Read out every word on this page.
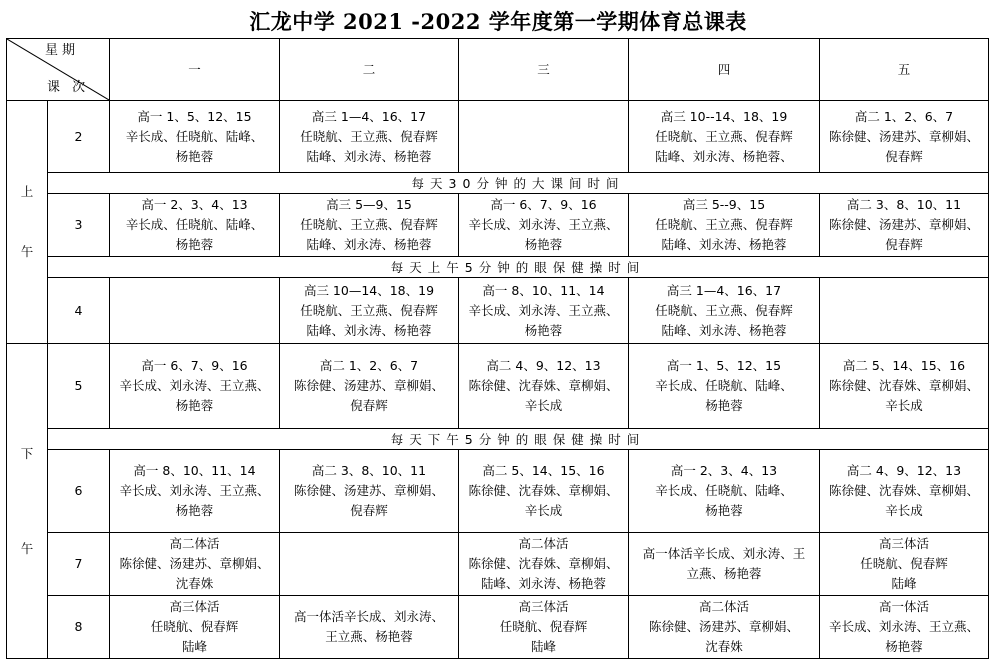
汇龙中学 2021 -2022 学年度第一学期体育总课表
星期
课 次		一	二	三	四	五

上
午	2	高一 1、5、12、15
辛长成、任晓航、陆峰、
杨艳蓉	高三 1—4、16、17
任晓航、王立燕、倪春辉
陆峰、刘永涛、杨艳蓉		高三 10--14、18、19
任晓航、王立燕、倪春辉
陆峰、刘永涛、杨艳蓉、	高二 1、2、6、7
陈徐健、汤建苏、章柳娟、
倪春辉

	每天30分钟的大课间时间					
	3	高一 2、3、4、13
辛长成、任晓航、陆峰、
杨艳蓉	高三 5—9、15
任晓航、王立燕、倪春辉
陆峰、刘永涛、杨艳蓉	高一 6、7、9、16
辛长成、刘永涛、王立燕、
杨艳蓉	高三 5--9、15
任晓航、王立燕、倪春辉
陆峰、刘永涛、杨艳蓉	高二 3、8、10、11
陈徐健、汤建苏、章柳娟、
倪春辉

	每天上午5分钟的眼保健操时间					
	4		高三 10—14、18、19
任晓航、王立燕、倪春辉
陆峰、刘永涛、杨艳蓉	高一 8、10、11、14
辛长成、刘永涛、王立燕、
杨艳蓉	高三 1—4、16、17
任晓航、王立燕、倪春辉
陆峰、刘永涛、杨艳蓉	

下
午	5	高一 6、7、9、16
辛长成、刘永涛、王立燕、
杨艳蓉	高二 1、2、6、7
陈徐健、汤建苏、章柳娟、
倪春辉	高二 4、9、12、13
陈徐健、沈春姝、章柳娟、
辛长成	高一 1、5、12、15
辛长成、任晓航、陆峰、
杨艳蓉	高二 5、14、15、16
陈徐健、沈春姝、章柳娟、
辛长成

	每天下午5分钟的眼保健操时间					
	6	高一 8、10、11、14
辛长成、刘永涛、王立燕、
杨艳蓉	高二 3、8、10、11
陈徐健、汤建苏、章柳娟、
倪春辉	高二 5、14、15、16
陈徐健、沈春姝、章柳娟、
辛长成	高一 2、3、4、13
辛长成、任晓航、陆峰、
杨艳蓉	高二 4、9、12、13
陈徐健、沈春姝、章柳娟、
辛长成

	7	高二体活
陈徐健、汤建苏、章柳娟、
沈春姝		高二体活
陈徐健、沈春姝、章柳娟、
陆峰、刘永涛、杨艳蓉	高一体活辛长成、刘永涛、王
立燕、杨艳蓉	高三体活
任晓航、倪春辉
陆峰

	8	高三体活
任晓航、倪春辉
陆峰	高一体活辛长成、刘永涛、
王立燕、杨艳蓉	高三体活
任晓航、倪春辉
陆峰	高二体活
陈徐健、汤建苏、章柳娟、
沈春姝	高一体活
辛长成、刘永涛、王立燕、
杨艳蓉
